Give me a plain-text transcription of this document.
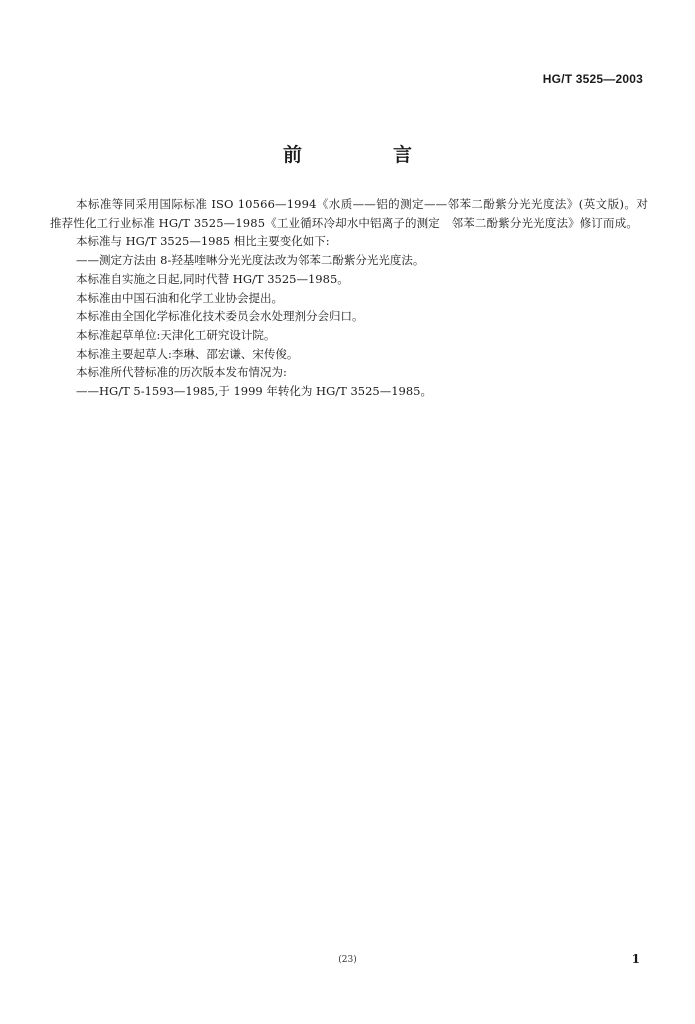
HG/T 3525—2003
前　言

本标准等同采用国际标准 ISO 10566—1994《水质——铝的测定——邻苯二酚紫分光光度法》(英文版)。对推荐性化工行业标准 HG/T 3525—1985《工业循环冷却水中铝离子的测定　邻苯二酚紫分光光度法》修订而成。

本标准与 HG/T 3525—1985 相比主要变化如下:

——测定方法由 8-羟基喹啉分光光度法改为邻苯二酚紫分光光度法。

本标准自实施之日起,同时代替 HG/T 3525—1985。

本标准由中国石油和化学工业协会提出。

本标准由全国化学标准化技术委员会水处理剂分会归口。

本标准起草单位:天津化工研究设计院。

本标准主要起草人:李琳、邵宏谦、宋传俊。

本标准所代替标准的历次版本发布情况为:

——HG/T 5-1593—1985,于 1999 年转化为 HG/T 3525—1985。

(23)	1
